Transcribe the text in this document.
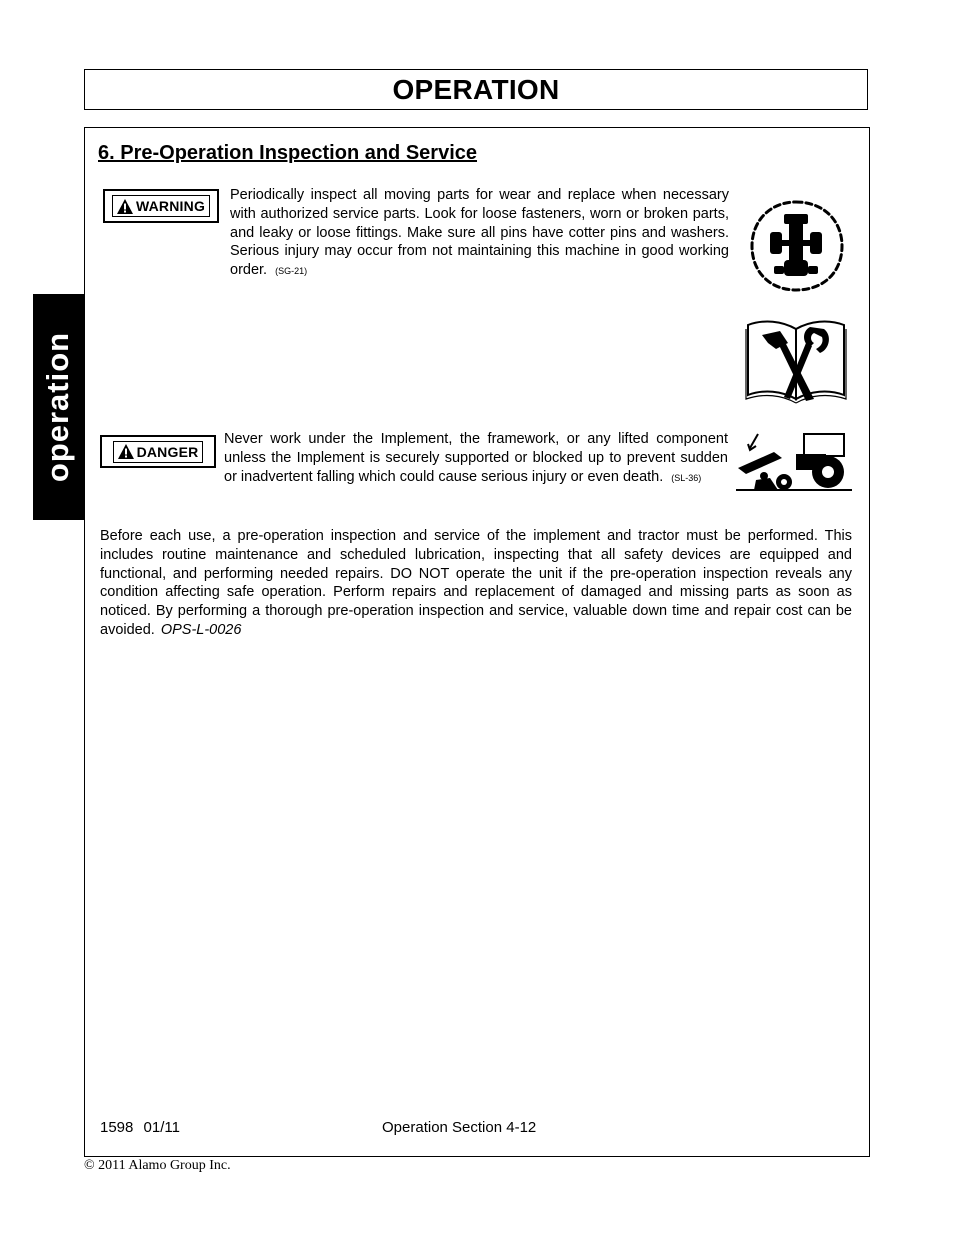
OPERATION
operation
6. Pre-Operation Inspection and Service
WARNING
Periodically inspect all moving parts for wear and replace when necessary with authorized service parts. Look for loose fasteners, worn or broken parts, and leaky or loose fittings. Make sure all pins have cotter pins and washers. Serious injury may occur from not maintaining this machine in good working order. (SG-21)
DANGER
Never work under the Implement, the framework, or any lifted component unless the Implement is securely supported or blocked up to prevent sudden or inadvertent falling which could cause serious injury or even death. (SL-36)
Before each use, a pre-operation inspection and service of the implement and tractor must be performed. This includes routine maintenance and scheduled lubrication, inspecting that all safety devices are equipped and functional, and performing needed repairs. DO NOT operate the unit if the pre-operation inspection reveals any condition affecting safe operation. Perform repairs and replacement of damaged and missing parts as soon as noticed. By performing a thorough pre-operation inspection and service, valuable down time and repair cost can be avoided. OPS-L-0026
1598 01/11	Operation Section 4-12
© 2011 Alamo Group Inc.
